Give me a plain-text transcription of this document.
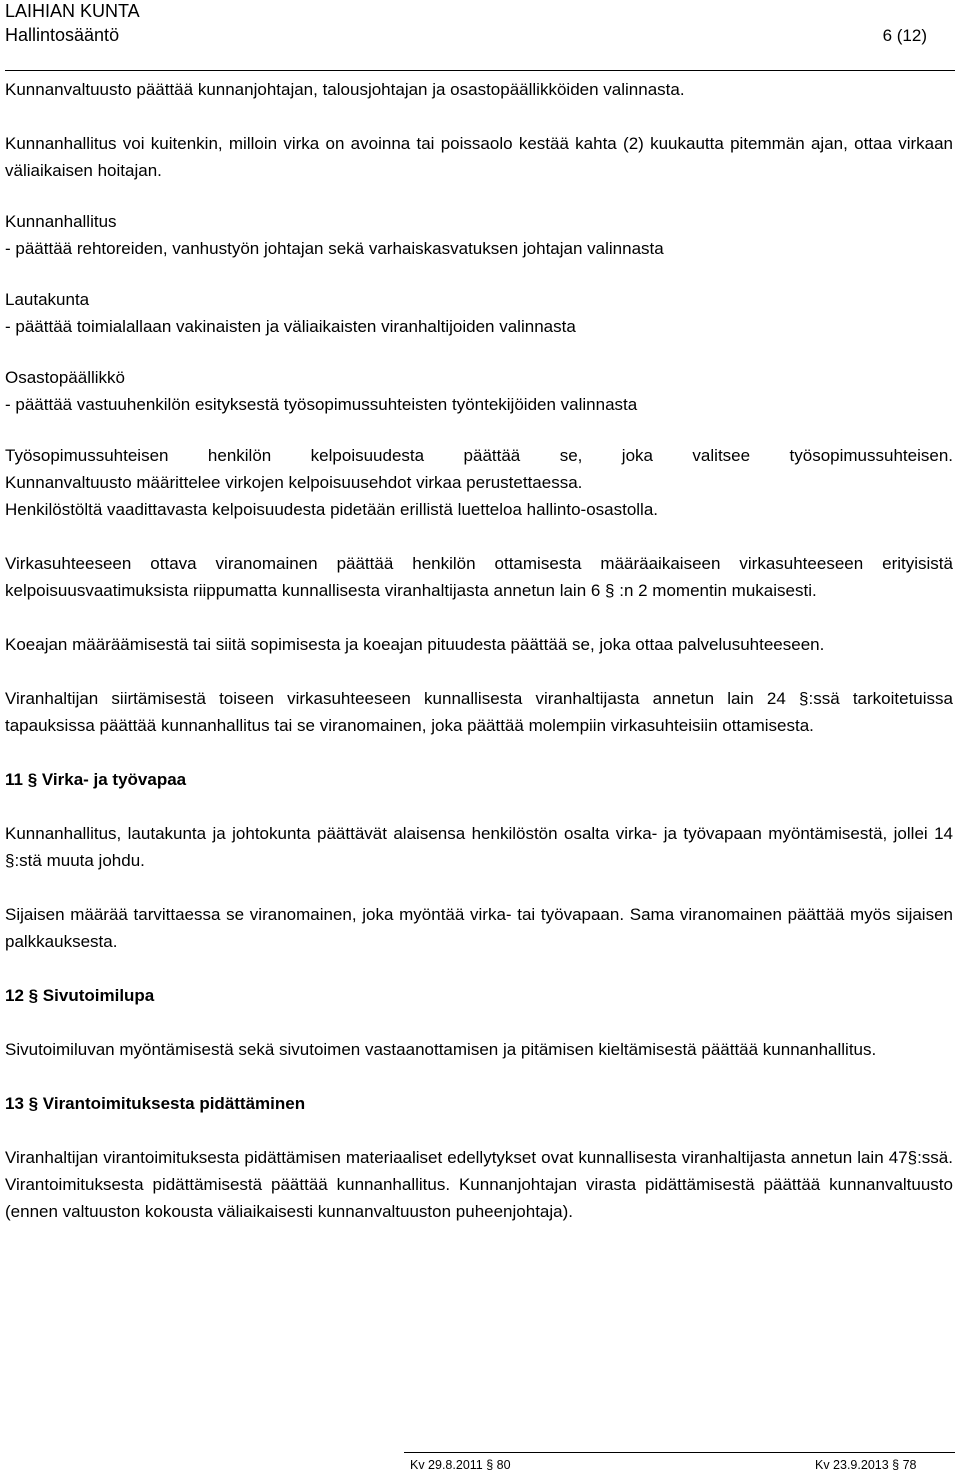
LAIHIAN KUNTA
Hallintosääntö	6 (12)

Kunnanvaltuusto päättää kunnanjohtajan, talousjohtajan ja osastopäällikköiden valinnasta.

Kunnanhallitus voi kuitenkin, milloin virka on avoinna tai poissaolo kestää kahta (2) kuukautta pitemmän ajan, ottaa virkaan väliaikaisen hoitajan.

Kunnanhallitus

- päättää rehtoreiden, vanhustyön johtajan sekä varhaiskasvatuksen johtajan valinnasta

Lautakunta

- päättää toimialallaan vakinaisten ja väliaikaisten viranhaltijoiden valinnasta

Osastopäällikkö

- päättää vastuuhenkilön esityksestä työsopimussuhteisten työntekijöiden valinnasta

Työsopimussuhteisen henkilön kelpoisuudesta päättää se, joka valitsee työsopimussuhteisen.

Kunnanvaltuusto määrittelee virkojen kelpoisuusehdot virkaa perustettaessa.

Henkilöstöltä vaadittavasta kelpoisuudesta pidetään erillistä luetteloa hallinto-osastolla.

Virkasuhteeseen ottava viranomainen päättää henkilön ottamisesta määräaikaiseen virkasuhteeseen erityisistä kelpoisuusvaatimuksista riippumatta kunnallisesta viranhaltijasta annetun lain 6 § :n 2 momentin mukaisesti.

Koeajan määräämisestä tai siitä sopimisesta ja koeajan pituudesta päättää se, joka ottaa palvelusuhteeseen.

Viranhaltijan siirtämisestä toiseen virkasuhteeseen kunnallisesta viranhaltijasta annetun lain 24 §:ssä tarkoitetuissa tapauksissa päättää kunnanhallitus tai se viranomainen, joka päättää molempiin virkasuhteisiin ottamisesta.

11 § Virka- ja työvapaa

Kunnanhallitus, lautakunta ja johtokunta päättävät alaisensa henkilöstön osalta virka- ja työvapaan myöntämisestä, jollei 14 §:stä muuta johdu.

Sijaisen määrää tarvittaessa se viranomainen, joka myöntää virka- tai työvapaan. Sama viranomainen päättää myös sijaisen palkkauksesta.

12 § Sivutoimilupa

Sivutoimiluvan myöntämisestä sekä sivutoimen vastaanottamisen ja pitämisen kieltämisestä päättää kunnanhallitus.

13 § Virantoimituksesta pidättäminen

Viranhaltijan virantoimituksesta pidättämisen materiaaliset edellytykset ovat kunnallisesta viranhaltijasta annetun lain 47§:ssä. Virantoimituksesta pidättämisestä päättää kunnanhallitus. Kunnanjohtajan virasta pidättämisestä päättää kunnanvaltuusto (ennen valtuuston kokousta väliaikaisesti kunnanvaltuuston puheenjohtaja).

Kv 29.8.2011 § 80	Kv 23.9.2013 § 78
